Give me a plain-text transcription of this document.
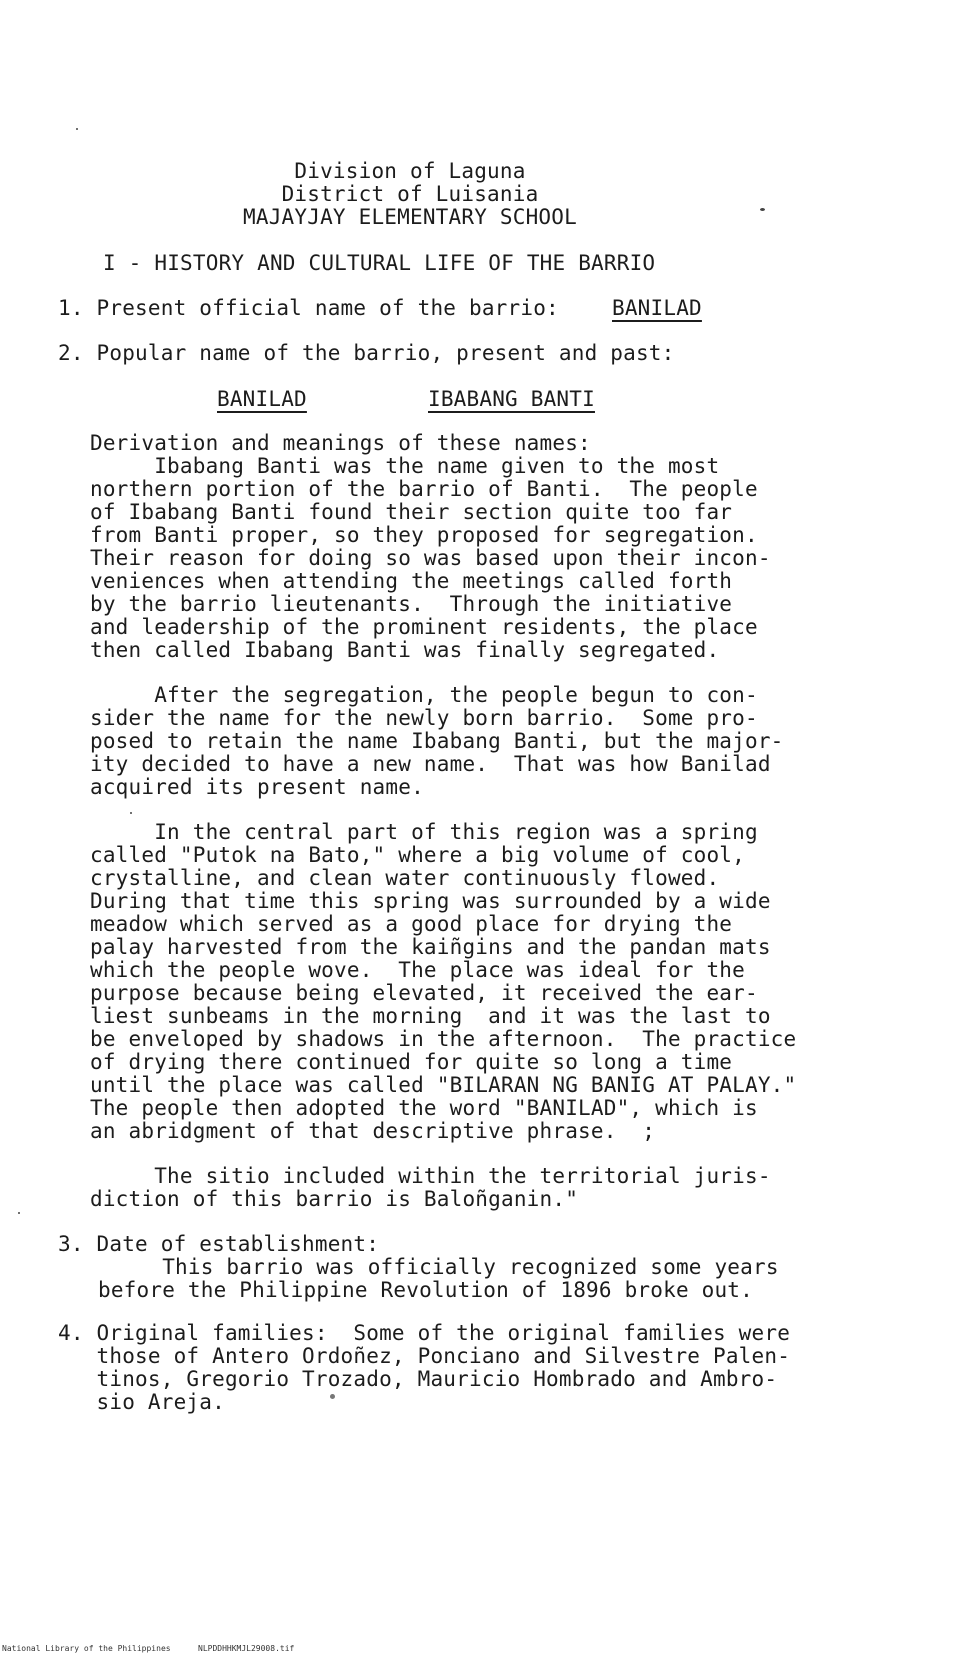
Division of Laguna
District of Luisania
MAJAYJAY ELEMENTARY SCHOOL
I - HISTORY AND CULTURAL LIFE OF THE BARRIO
1. Present official name of the barrio:	BANILAD
2. Popular name of the barrio, present and past:
BANILAD	IBABANG BANTI
Derivation and meanings of these names:
Ibabang Banti was the name given to the most
northern portion of the barrio of Banti.  The people
of Ibabang Banti found their section quite too far
from Banti proper, so they proposed for segregation.
Their reason for doing so was based upon their incon-
veniences when attending the meetings called forth
by the barrio lieutenants.  Through the initiative
and leadership of the prominent residents, the place
then called Ibabang Banti was finally segregated.
After the segregation, the people begun to con-
sider the name for the newly born barrio.  Some pro-
posed to retain the name Ibabang Banti, but the major-
ity decided to have a new name.  That was how Banilad
acquired its present name.
In the central part of this region was a spring
called "Putok na Bato," where a big volume of cool,
crystalline, and clean water continuously flowed.
During that time this spring was surrounded by a wide
meadow which served as a good place for drying the
palay harvested from the kaiñgins and the pandan mats
which the people wove.  The place was ideal for the
purpose because being elevated, it received the ear-
liest sunbeams in the morning  and it was the last to
be enveloped by shadows in the afternoon.  The practice
of drying there continued for quite so long a time
until the place was called "BILARAN NG BANIG AT PALAY."
The people then adopted the word "BANILAD", which is
an abridgment of that descriptive phrase.  ;
The sitio included within the territorial juris-
diction of this barrio is Baloñganin."
3. Date of establishment:
This barrio was officially recognized some years
before the Philippine Revolution of 1896 broke out.
4. Original families:  Some of the original families were
those of Antero Ordoñez, Ponciano and Silvestre Palen-
tinos, Gregorio Trozado, Mauricio Hombrado and Ambro-
sio Areja.
National Library of the Philippines	NLPDDHHKMJL29008.tif
